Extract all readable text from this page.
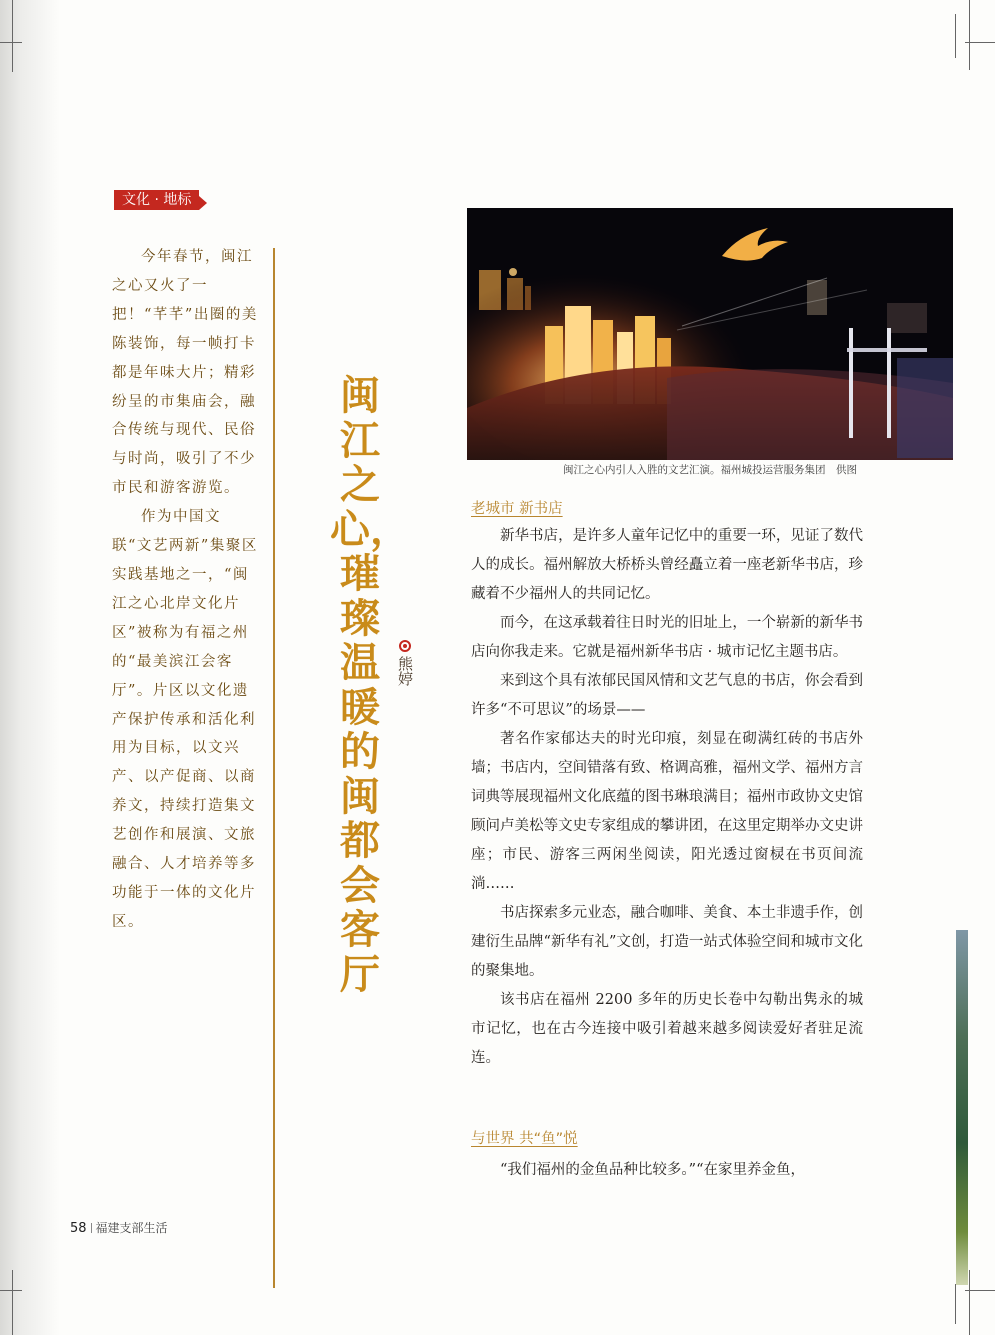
文化 · 地标

今年春节，闽江之心又火了一把！“芊芊”出圈的美陈装饰，每一帧打卡都是年味大片；精彩纷呈的市集庙会，融合传统与现代、民俗与时尚，吸引了不少市民和游客游览。

作为中国文联“文艺两新”集聚区实践基地之一，“闽江之心北岸文化片区”被称为有福之州的“最美滨江会客厅”。片区以文化遗产保护传承和活化利用为目标，以文兴产、以产促商、以商养文，持续打造集文艺创作和展演、文旅融合、人才培养等多功能于一体的文化片区。

闽江之心，璀璨温暖的闽都会客厅
熊婷
闽江之心内引人入胜的文艺汇演。福州城投运营服务集团　供图
老城市 新书店

新华书店，是许多人童年记忆中的重要一环，见证了数代人的成长。福州解放大桥桥头曾经矗立着一座老新华书店，珍藏着不少福州人的共同记忆。

而今，在这承载着往日时光的旧址上，一个崭新的新华书店向你我走来。它就是福州新华书店 · 城市记忆主题书店。

来到这个具有浓郁民国风情和文艺气息的书店，你会看到许多“不可思议”的场景——

著名作家郁达夫的时光印痕，刻显在砌满红砖的书店外墙；书店内，空间错落有致、格调高雅，福州文学、福州方言词典等展现福州文化底蕴的图书琳琅满目；福州市政协文史馆顾问卢美松等文史专家组成的攀讲团，在这里定期举办文史讲座；市民、游客三两闲坐阅读，阳光透过窗棂在书页间流淌……

书店探索多元业态，融合咖啡、美食、本土非遗手作，创建衍生品牌“新华有礼”文创，打造一站式体验空间和城市文化的聚集地。

该书店在福州 2200 多年的历史长卷中勾勒出隽永的城市记忆，也在古今连接中吸引着越来越多阅读爱好者驻足流连。

与世界 共“鱼”悦

“我们福州的金鱼品种比较多。”“在家里养金鱼，

58 福建支部生活
